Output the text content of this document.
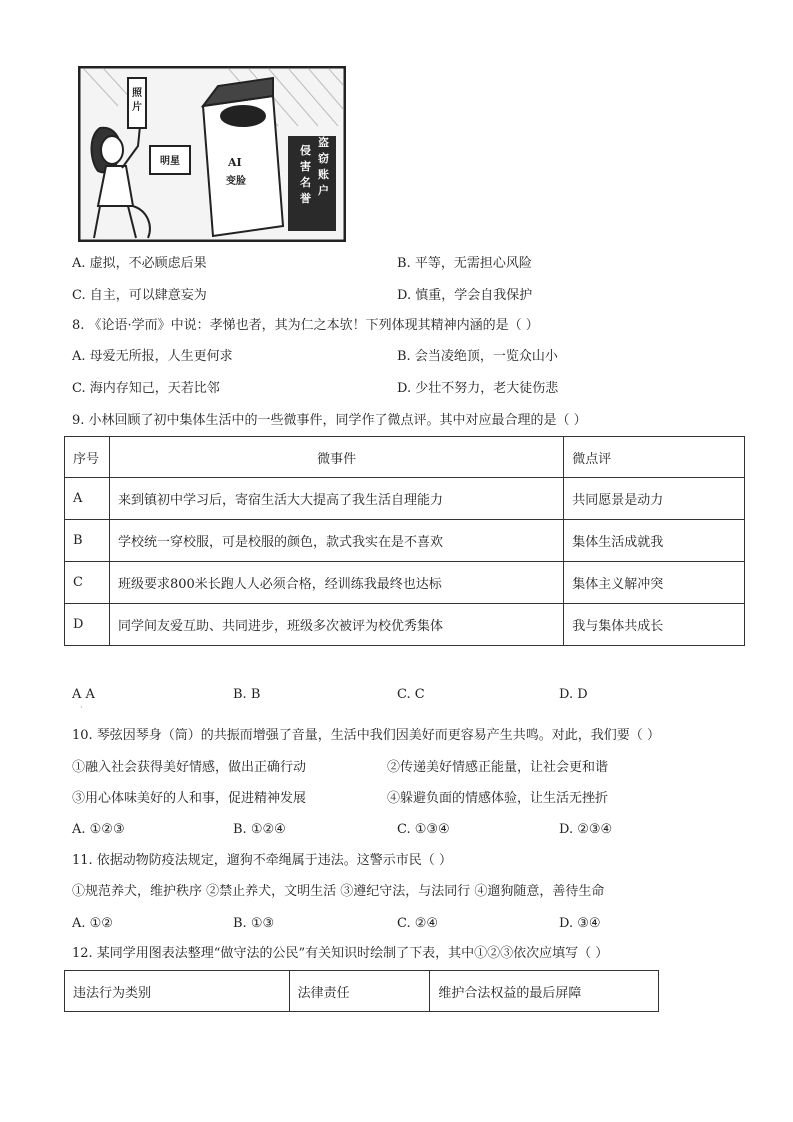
照
片
明星	AI
变脸
侵
害
名
誉
盗
窃
账
户
A. 虚拟，不必顾虑后果	B. 平等，无需担心风险
C. 自主，可以肆意妄为	D. 慎重，学会自我保护
8. 《论语·学而》中说：孝悌也者，其为仁之本欤！下列体现其精神内涵的是（ ）
A. 母爱无所报，人生更何求	B. 会当凌绝顶，一览众山小
C. 海内存知己，天若比邻	D. 少壮不努力，老大徒伤悲
9. 小林回顾了初中集体生活中的一些微事件，同学作了微点评。其中对应最合理的是（ ）
序号	微事件	微点评
A	来到镇初中学习后，寄宿生活大大提高了我生活自理能力	共同愿景是动力
B	学校统一穿校服，可是校服的颜色，款式我实在是不喜欢	集体生活成就我
C	班级要求800米长跑人人必须合格，经训练我最终也达标	集体主义解冲突
D	同学间友爱互助、共同进步，班级多次被评为校优秀集体	我与集体共成长
A A
·
B. B	C. C	D. D
10. 琴弦因琴身（筒）的共振而增强了音量，生活中我们因美好而更容易产生共鸣。对此，我们要（ ）
①融入社会获得美好情感，做出正确行动	②传递美好情感正能量，让社会更和谐
③用心体味美好的人和事，促进精神发展	④躲避负面的情感体验，让生活无挫折
A. ①②③	B. ①②④	C. ①③④	D. ②③④
11. 依据动物防疫法规定，遛狗不牵绳属于违法。这警示市民（ ）
①规范养犬，维护秩序 ②禁止养犬，文明生活 ③遵纪守法，与法同行 ④遛狗随意，善待生命
A. ①②	B. ①③	C. ②④	D. ③④
12. 某同学用图表法整理“做守法的公民”有关知识时绘制了下表，其中①②③依次应填写（ ）
违法行为类别	法律责任	维护合法权益的最后屏障
